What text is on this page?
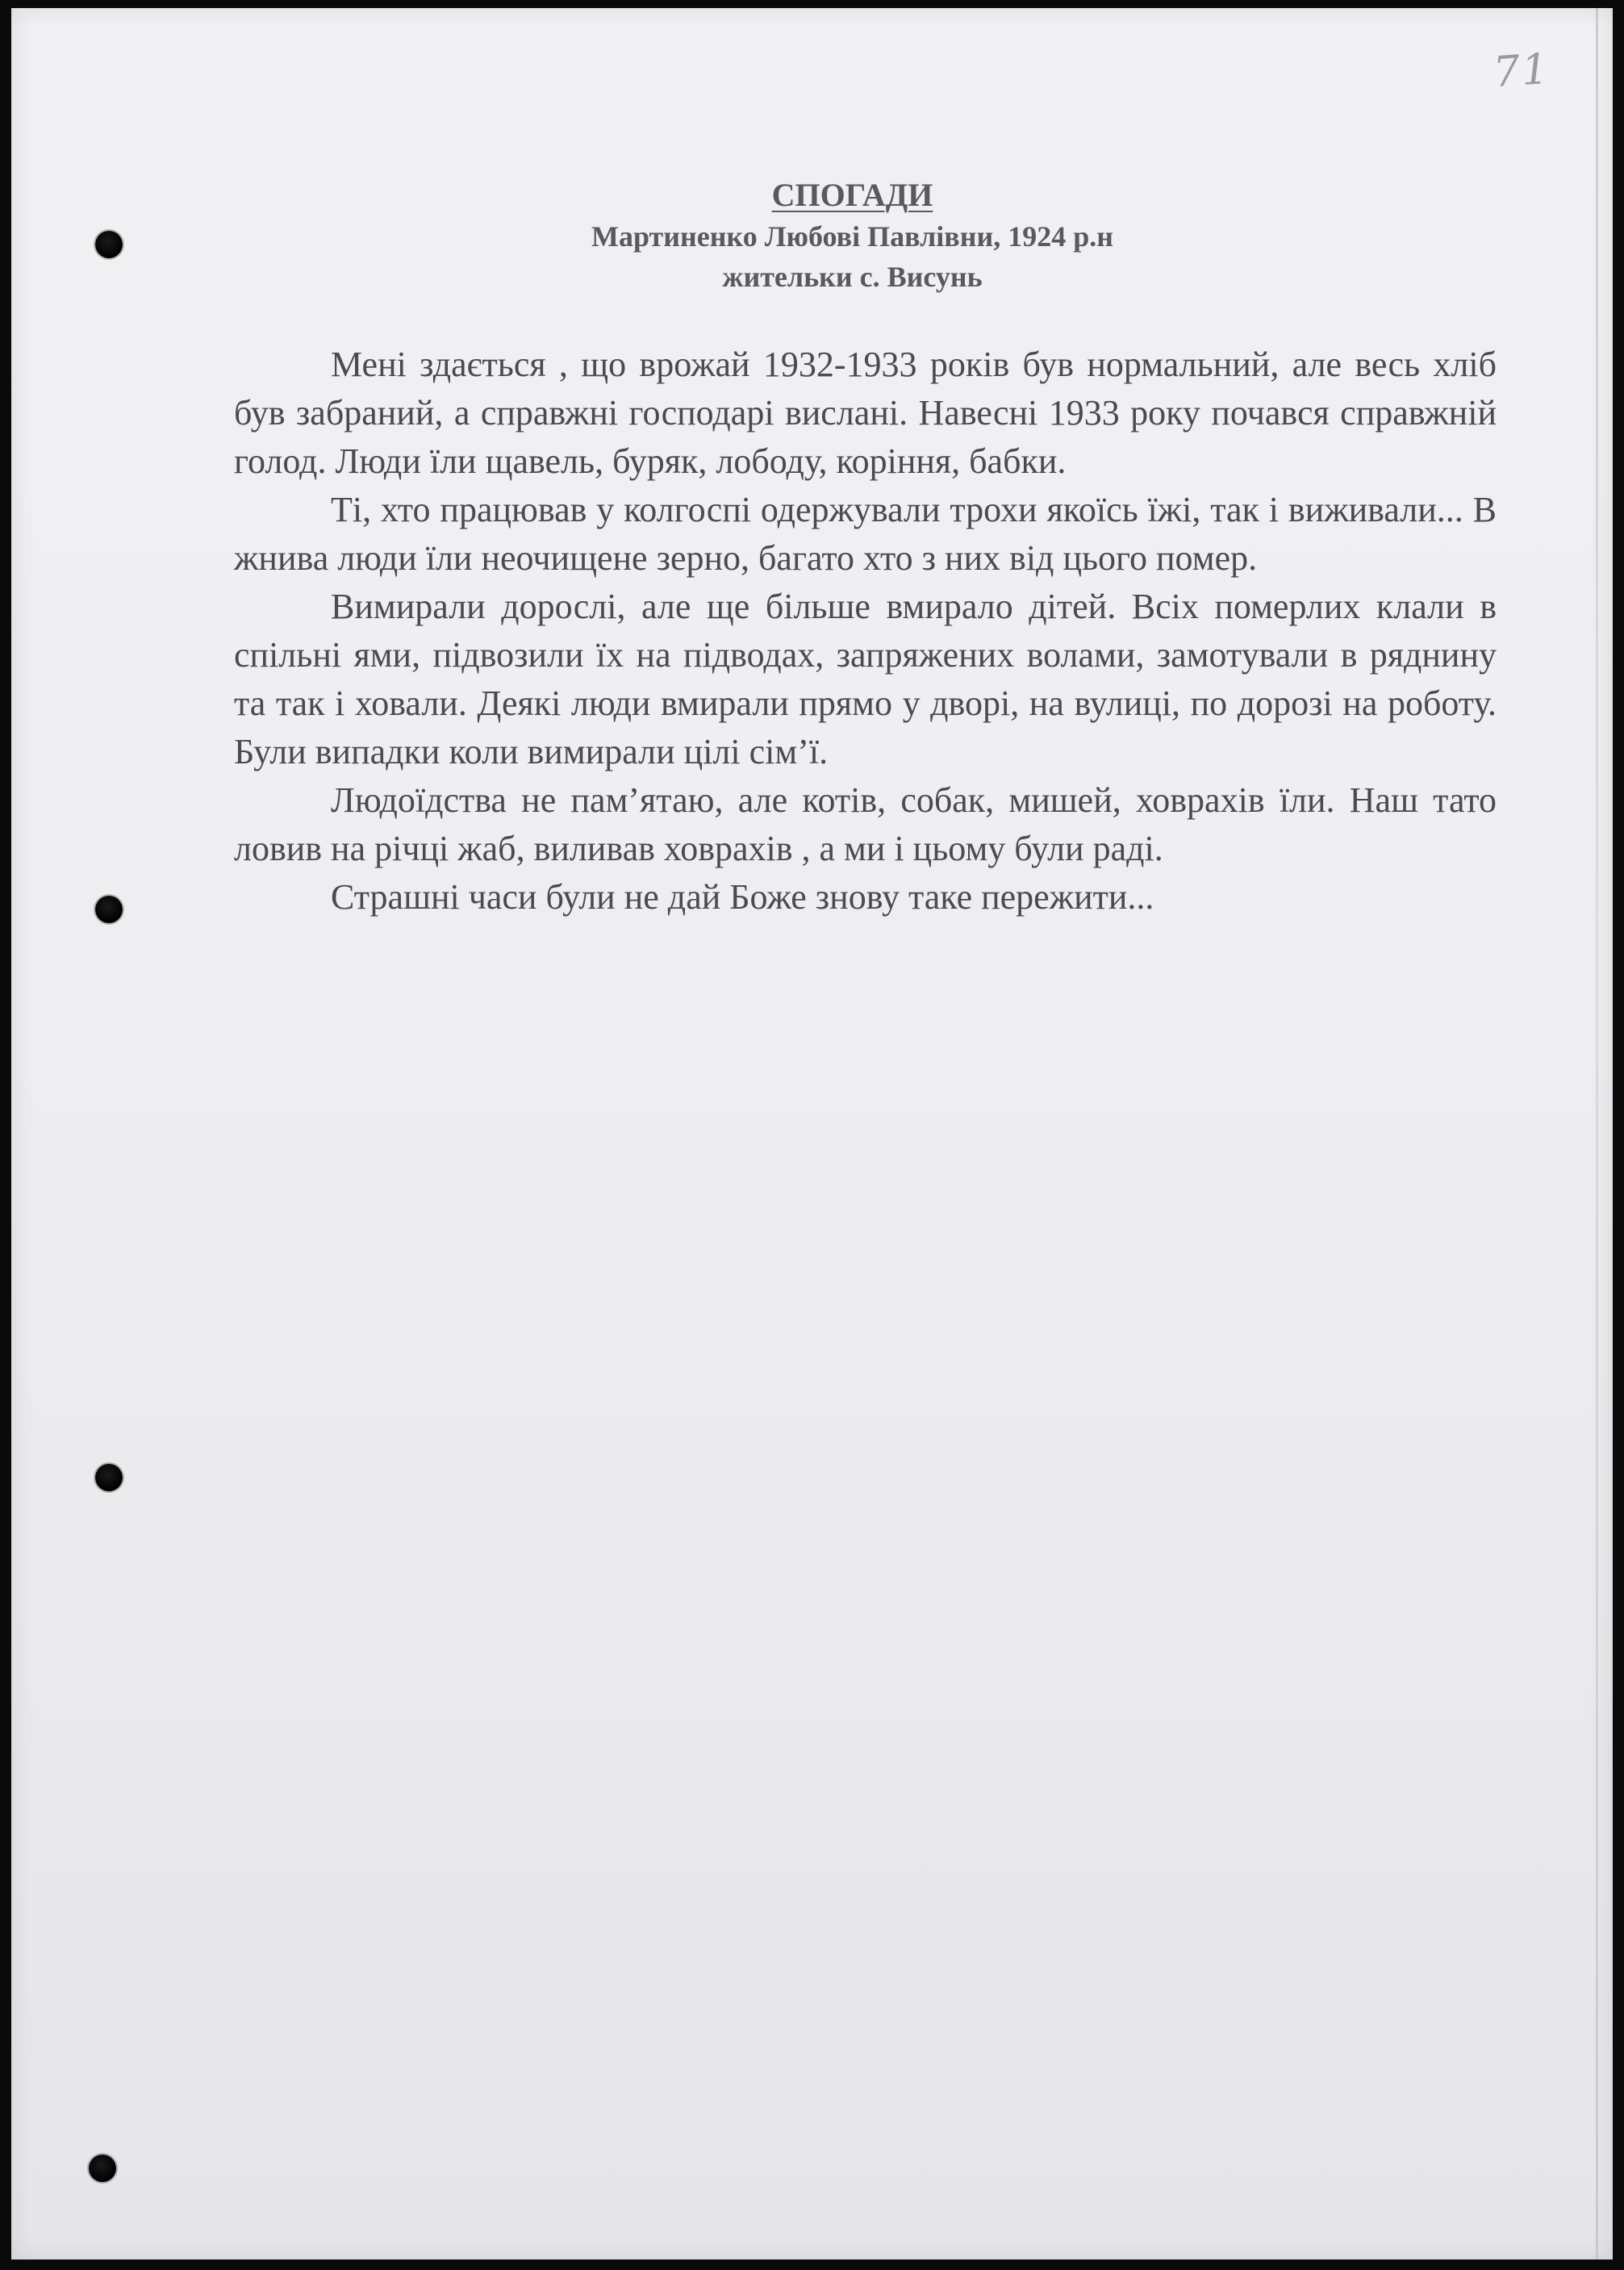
71
СПОГАДИ
Мартиненко Любові Павлівни, 1924 р.н
жительки с. Висунь

Мені здається , що врожай 1932-1933 років був нормальний, але весь хліб був забраний, а справжні господарі вислані. Навесні 1933 року почався справжній голод. Люди їли щавель, буряк, лободу, коріння, бабки.

Ті, хто працював у колгоспі одержували трохи якоїсь їжі, так і виживали... В жнива люди їли неочищене зерно, багато хто з них від цього помер.

Вимирали дорослі, але ще більше вмирало дітей. Всіх померлих клали в спільні ями, підвозили їх на підводах, запряжених волами, замотували в ряднину та так і ховали. Деякі люди вмирали прямо у дворі, на вулиці, по дорозі на роботу. Були випадки коли вимирали цілі сім’ї.

Людоїдства не пам’ятаю, але котів, собак, мишей, ховрахів їли. Наш тато ловив на річці жаб, виливав ховрахів , а ми і цьому були раді.

Страшні часи були не дай Боже знову таке пережити...
